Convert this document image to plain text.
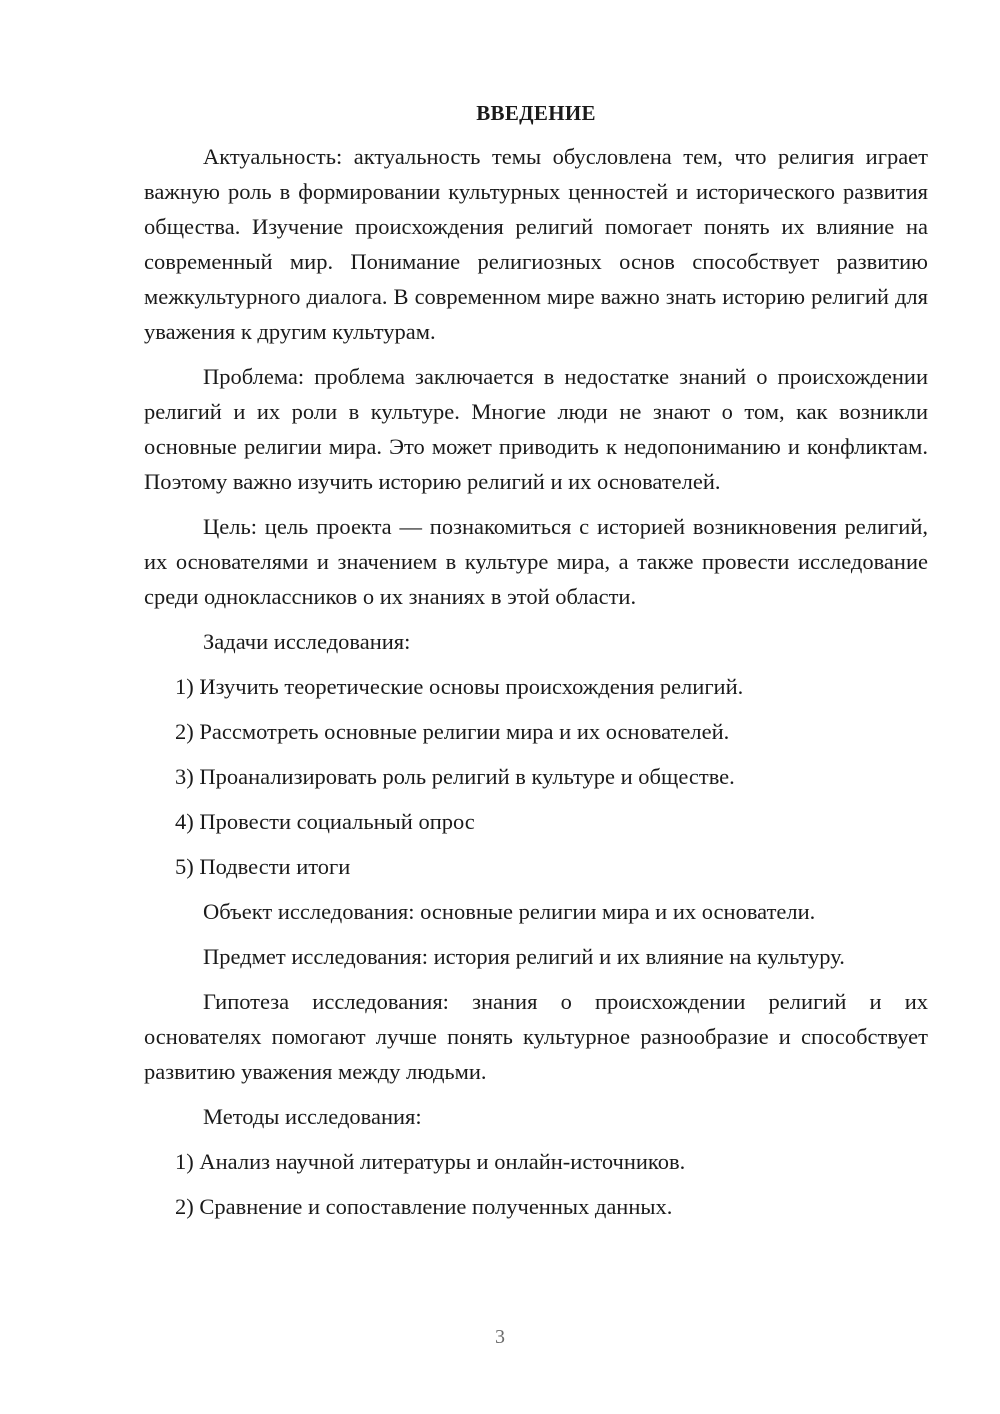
ВВЕДЕНИЕ

Актуальность: актуальность темы обусловлена тем, что религия играет важную роль в формировании культурных ценностей и исторического развития общества. Изучение происхождения религий помогает понять их влияние на современный мир. Понимание религиозных основ способствует развитию межкультурного диалога. В современном мире важно знать историю религий для уважения к другим культурам.

Проблема: проблема заключается в недостатке знаний о происхождении религий и их роли в культуре. Многие люди не знают о том, как возникли основные религии мира. Это может приводить к недопониманию и конфликтам. Поэтому важно изучить историю религий и их основателей.

Цель: цель проекта — познакомиться с историей возникновения религий, их основателями и значением в культуре мира, а также провести исследование среди одноклассников о их знаниях в этой области.

Задачи исследования:
1) Изучить теоретические основы происхождения религий.
2) Рассмотреть основные религии мира и их основателей.
3) Проанализировать роль религий в культуре и обществе.
4) Провести социальный опрос
5) Подвести итоги
Объект исследования: основные религии мира и их основатели.
Предмет исследования: история религий и их влияние на культуру.

Гипотеза исследования: знания о происхождении религий и их основателях помогают лучше понять культурное разнообразие и способствует развитию уважения между людьми.

Методы исследования:
1) Анализ научной литературы и онлайн-источников.
2) Сравнение и сопоставление полученных данных.
3
